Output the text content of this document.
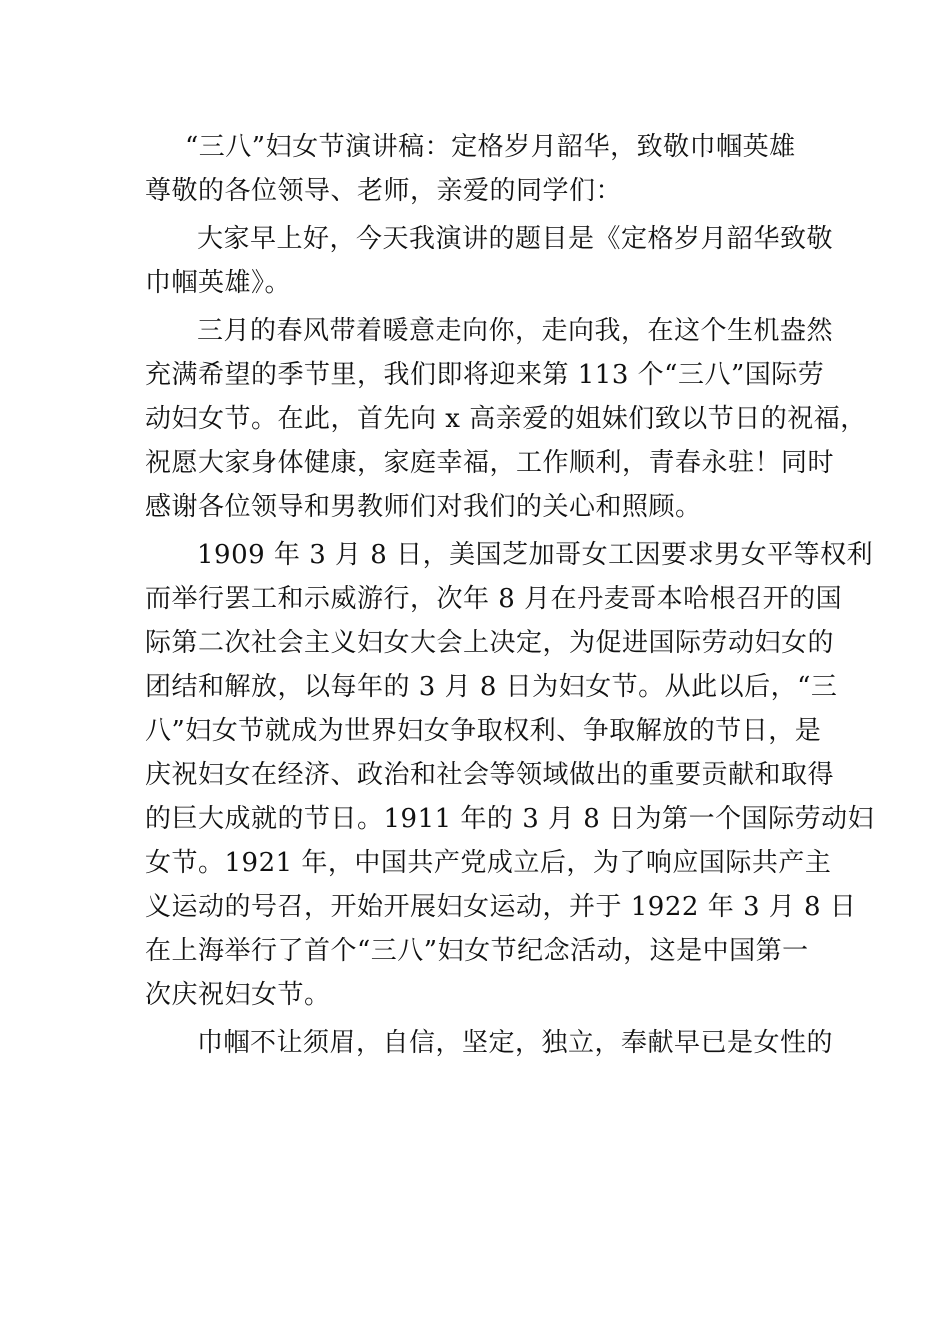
“三八”妇女节演讲稿：定格岁月韶华，致敬巾帼英雄

尊敬的各位领导、老师，亲爱的同学们：

大家早上好，今天我演讲的题目是《定格岁月韶华致敬
巾帼英雄》。

三月的春风带着暖意走向你，走向我，在这个生机盎然
充满希望的季节里，我们即将迎来第 113 个“三八”国际劳
动妇女节。在此，首先向 x 高亲爱的姐妹们致以节日的祝福，
祝愿大家身体健康，家庭幸福，工作顺利，青春永驻！同时
感谢各位领导和男教师们对我们的关心和照顾。

1909 年 3 月 8 日，美国芝加哥女工因要求男女平等权利
而举行罢工和示威游行，次年 8 月在丹麦哥本哈根召开的国
际第二次社会主义妇女大会上决定，为促进国际劳动妇女的
团结和解放，以每年的 3 月 8 日为妇女节。从此以后，“三
八”妇女节就成为世界妇女争取权利、争取解放的节日，是
庆祝妇女在经济、政治和社会等领域做出的重要贡献和取得
的巨大成就的节日。1911 年的 3 月 8 日为第一个国际劳动妇
女节。1921 年，中国共产党成立后，为了响应国际共产主
义运动的号召，开始开展妇女运动，并于 1922 年 3 月 8 日
在上海举行了首个“三八”妇女节纪念活动，这是中国第一
次庆祝妇女节。

巾帼不让须眉，自信，坚定，独立，奉献早已是女性的
